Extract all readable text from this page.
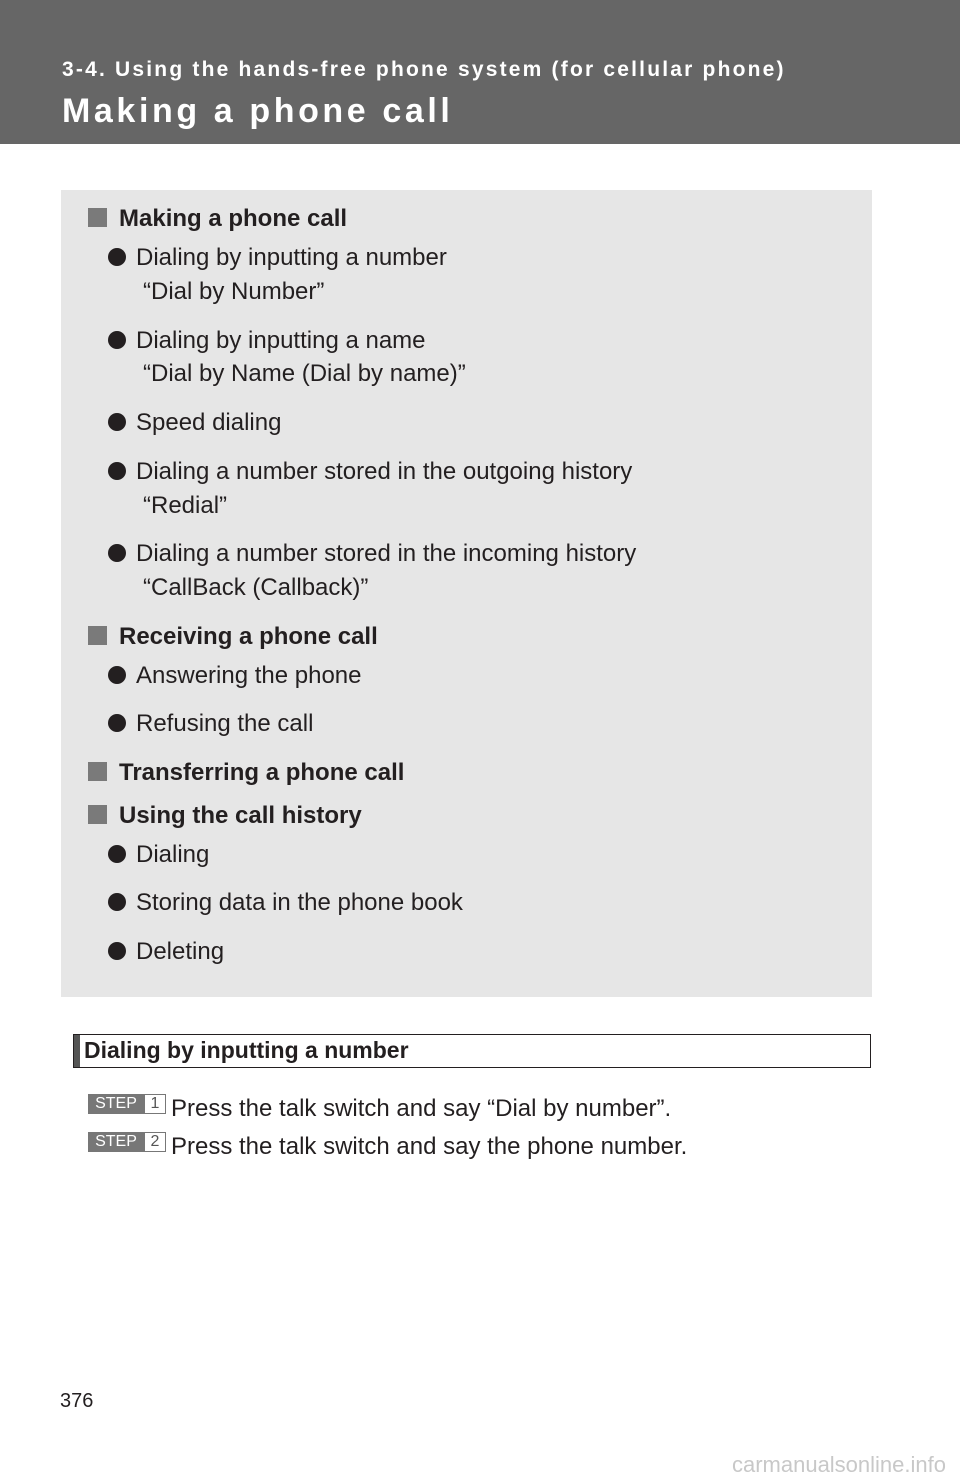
3-4. Using the hands-free phone system (for cellular phone)
Making a phone call
Making a phone call
Dialing by inputting a number
“Dial by Number”
Dialing by inputting a name
“Dial by Name (Dial by name)”
Speed dialing
Dialing a number stored in the outgoing history
“Redial”
Dialing a number stored in the incoming history
“CallBack (Callback)”
Receiving a phone call
Answering the phone
Refusing the call
Transferring a phone call
Using the call history
Dialing
Storing data in the phone book
Deleting
Dialing by inputting a number
STEP 1 Press the talk switch and say “Dial by number”.
STEP 2 Press the talk switch and say the phone number.
376
carmanualsonline.info
